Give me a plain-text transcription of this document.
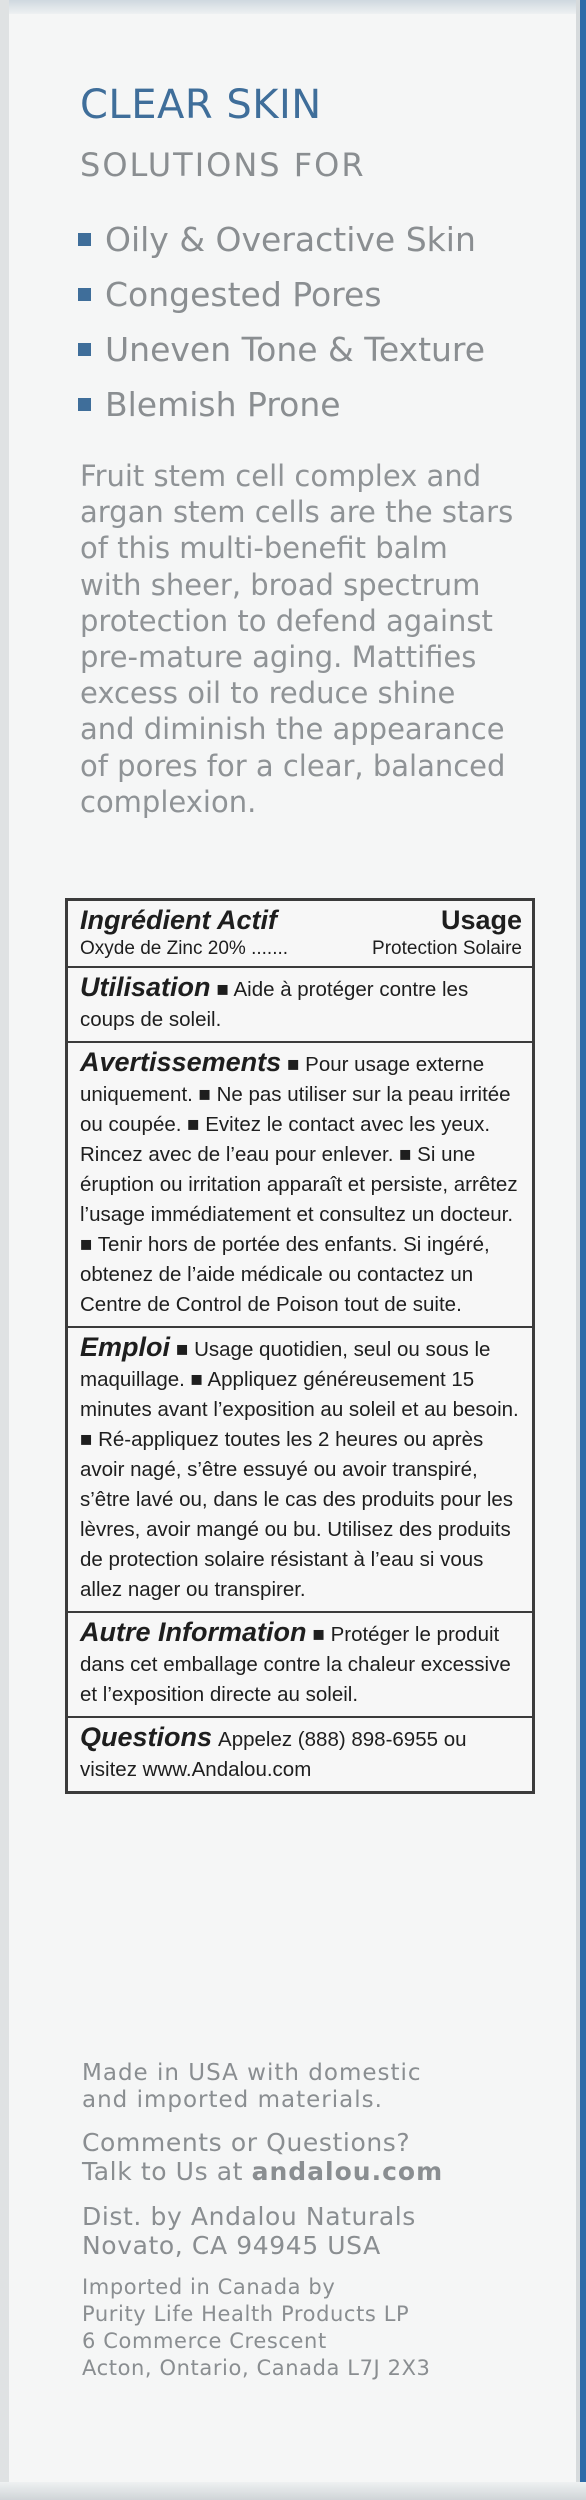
CLEAR SKIN
SOLUTIONS FOR
Oily & Overactive Skin
Congested Pores
Uneven Tone & Texture
Blemish Prone

Fruit stem cell complex and
argan stem cells are the stars
of this multi-benefit balm
with sheer, broad spectrum
protection to defend against
pre-mature aging. Mattifies
excess oil to reduce shine
and diminish the appearance
of pores for a clear, balanced
complexion.

Ingrédient Actif	Usage
Oxyde de Zinc 20% .......	Protection Solaire
Utilisation ■ Aide à protéger contre les coups de soleil.
Avertissements ■ Pour usage externe uniquement. ■ Ne pas utiliser sur la peau irritée ou coupée. ■ Evitez le contact avec les yeux. Rincez avec de l’eau pour enlever. ■ Si une éruption ou irritation apparaît et persiste, arrêtez l’usage immédiatement et consultez un docteur. ■ Tenir hors de portée des enfants. Si ingéré, obtenez de l’aide médicale ou contactez un Centre de Control de Poison tout de suite.
Emploi ■ Usage quotidien, seul ou sous le maquillage. ■ Appliquez généreusement 15 minutes avant l’exposition au soleil et au besoin. ■ Ré-appliquez toutes les 2 heures ou après avoir nagé, s’être essuyé ou avoir transpiré, s’être lavé ou, dans le cas des produits pour les lèvres, avoir mangé ou bu. Utilisez des produits de protection solaire résistant à l’eau si vous allez nager ou transpirer.
Autre Information ■ Protéger le produit dans cet emballage contre la chaleur excessive et l’exposition directe au soleil.
Questions Appelez (888) 898-6955 ou visitez www.Andalou.com
Made in USA with domestic
and imported materials.
Comments or Questions?
Talk to Us at andalou.com
Dist. by Andalou Naturals
Novato, CA 94945 USA
Imported in Canada by
Purity Life Health Products LP
6 Commerce Crescent
Acton, Ontario, Canada L7J 2X3
